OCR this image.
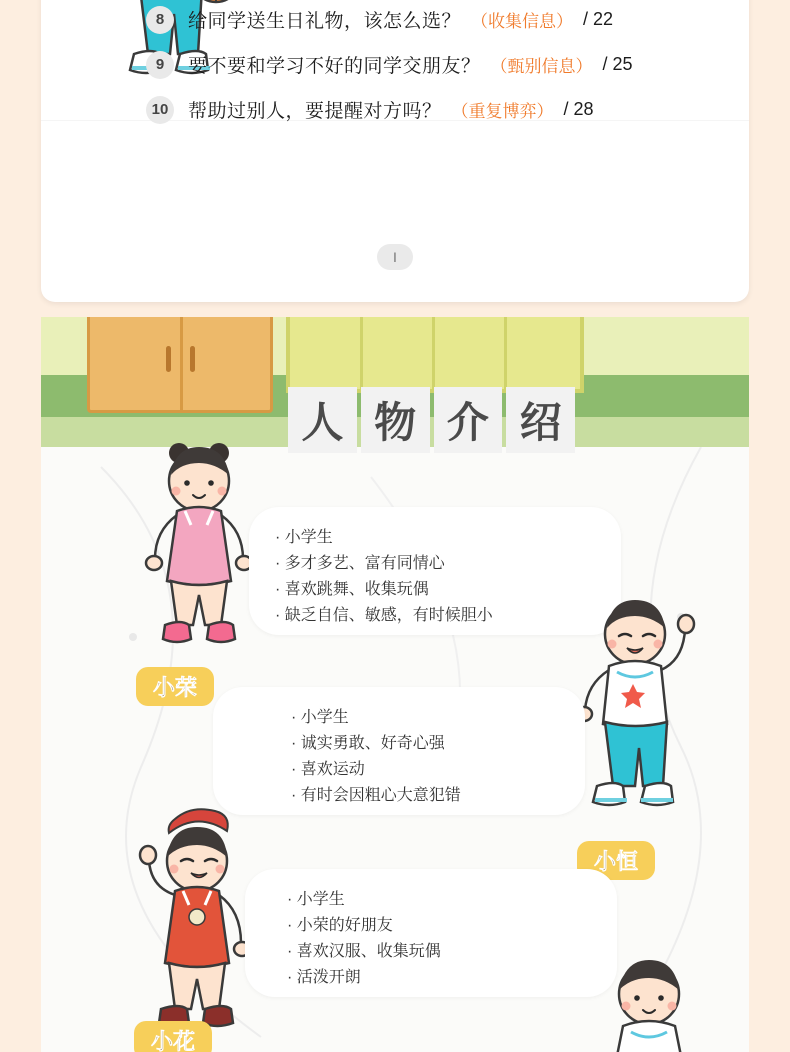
8	给同学送生日礼物，该怎么选？ （收集信息） / 22
9	要不要和学习不好的同学交朋友？ （甄别信息） / 25
10 帮助过别人，要提醒对方吗？ （重复博弈） / 28
I
人 物 介 绍
· 小学生
· 多才多艺、富有同情心
· 喜欢跳舞、收集玩偶
· 缺乏自信、敏感，有时候胆小
小荣
· 小学生
· 诚实勇敢、好奇心强
· 喜欢运动
· 有时会因粗心大意犯错
小恒
· 小学生
· 小荣的好朋友
· 喜欢汉服、收集玩偶
· 活泼开朗
小花
